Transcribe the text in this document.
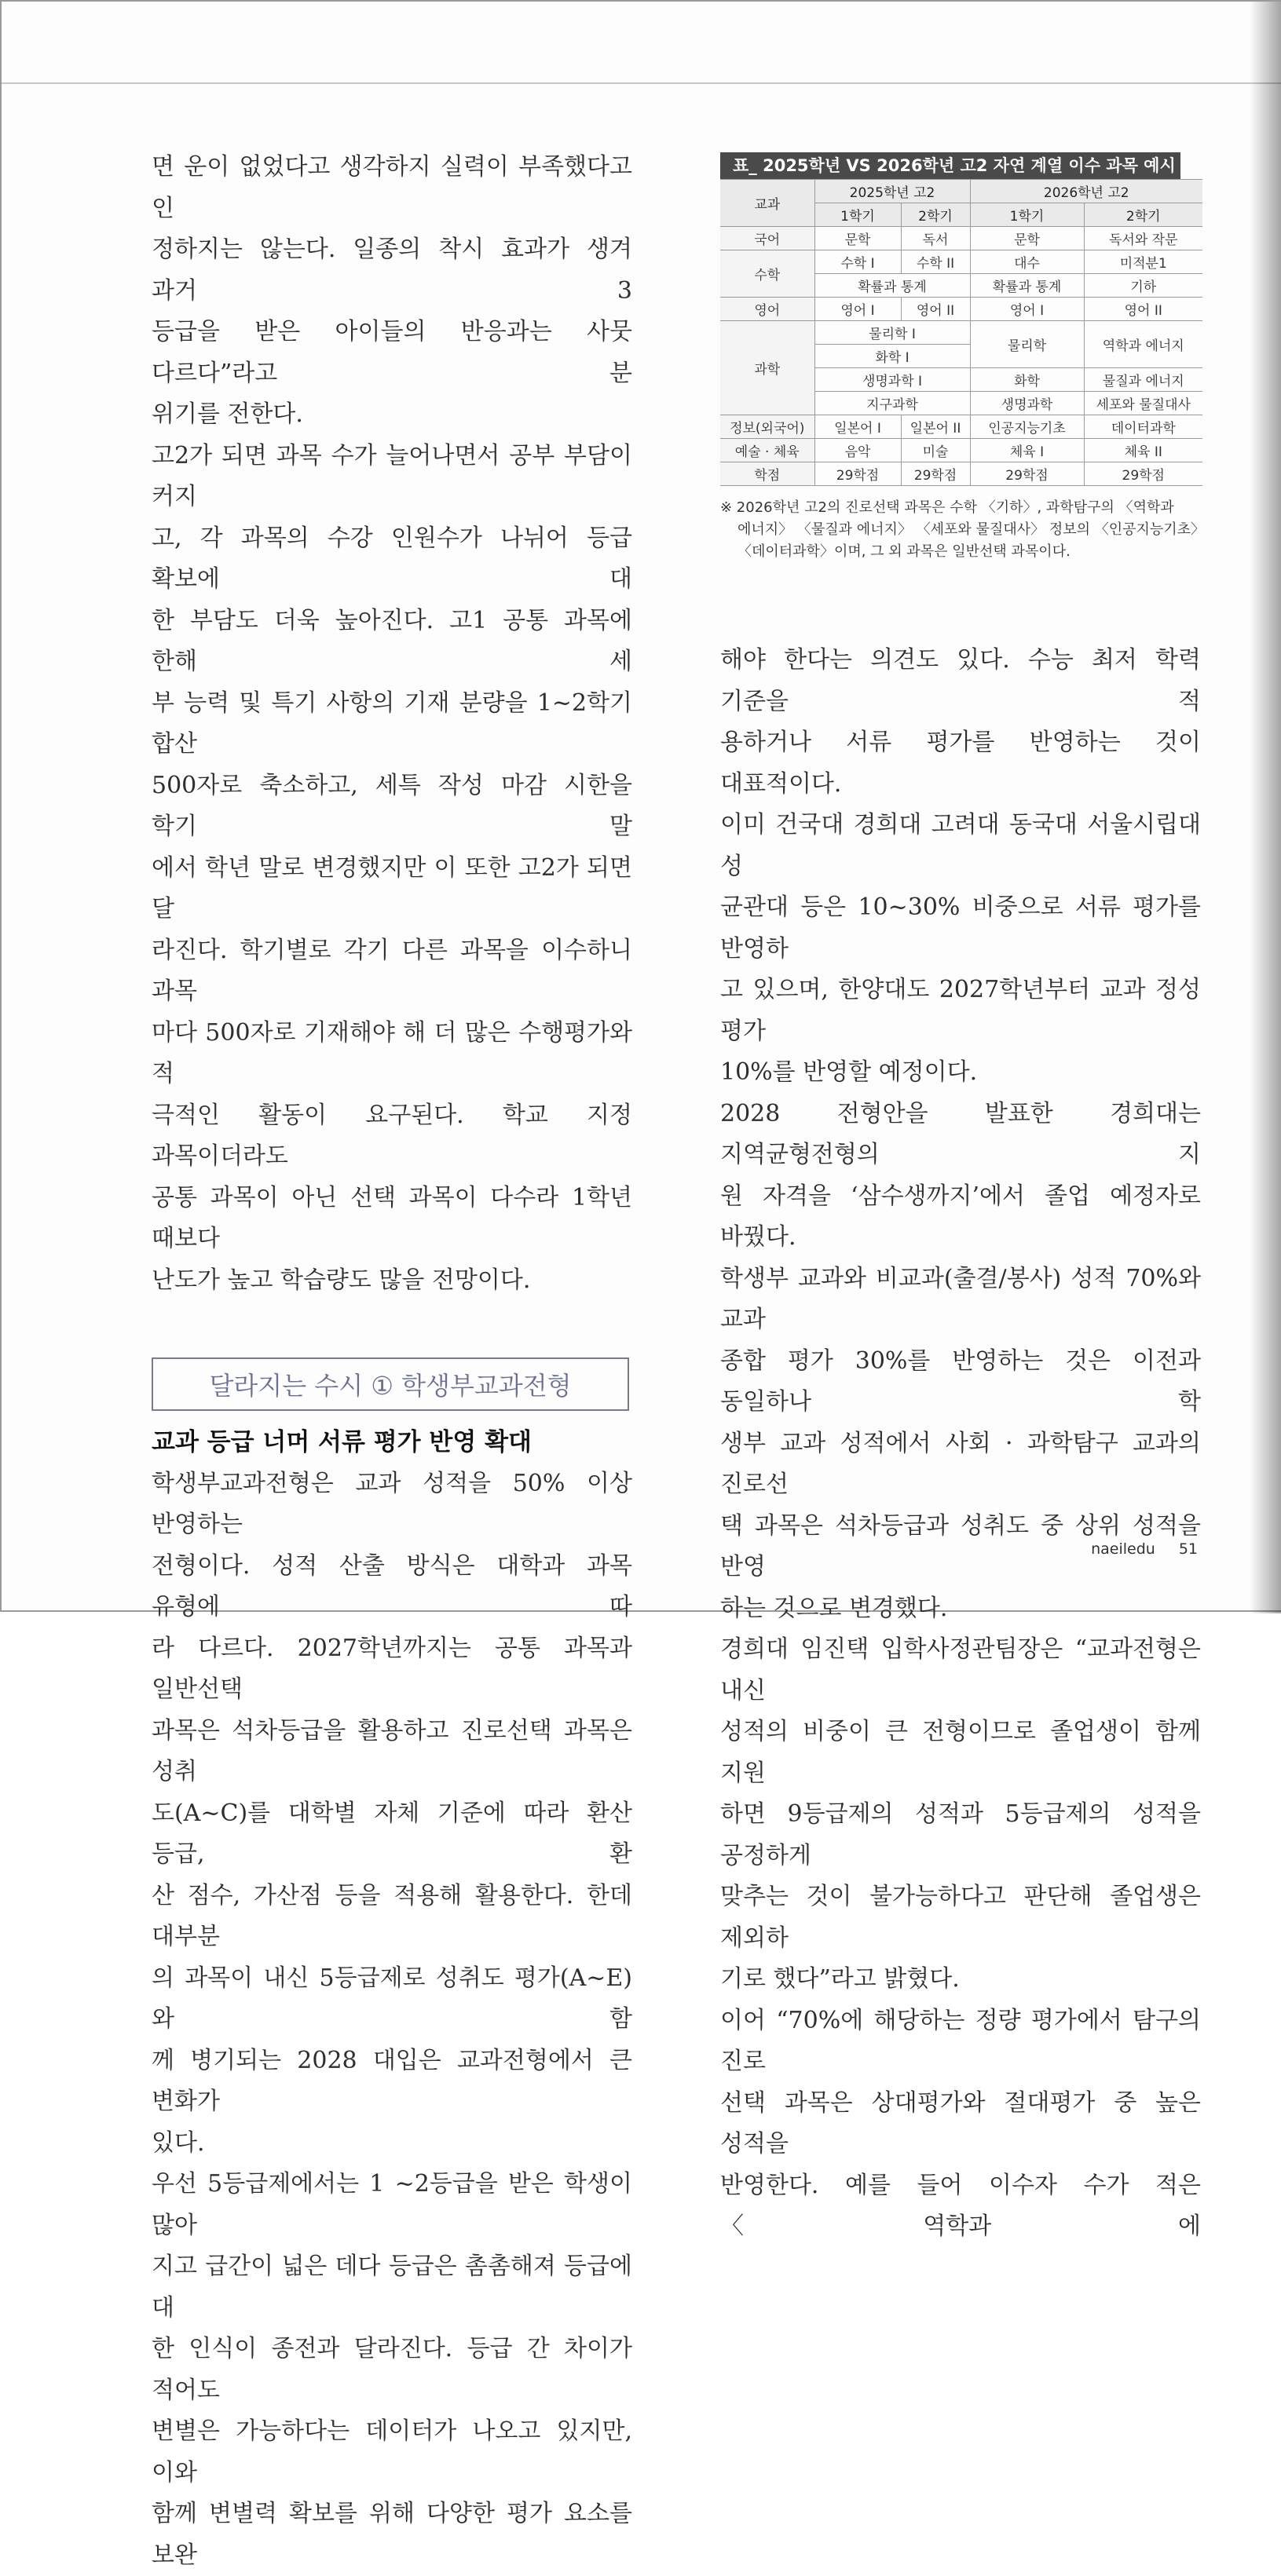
면 운이 없었다고 생각하지 실력이 부족했다고 인
정하지는 않는다. 일종의 착시 효과가 생겨 과거 3
등급을 받은 아이들의 반응과는 사뭇 다르다”라고 분
위기를 전한다.

고2가 되면 과목 수가 늘어나면서 공부 부담이 커지
고, 각 과목의 수강 인원수가 나뉘어 등급 확보에 대
한 부담도 더욱 높아진다. 고1 공통 과목에 한해 세
부 능력 및 특기 사항의 기재 분량을 1~2학기 합산
500자로 축소하고, 세특 작성 마감 시한을 학기 말
에서 학년 말로 변경했지만 이 또한 고2가 되면 달
라진다. 학기별로 각기 다른 과목을 이수하니 과목
마다 500자로 기재해야 해 더 많은 수행평가와 적
극적인 활동이 요구된다. 학교 지정 과목이더라도
공통 과목이 아닌 선택 과목이 다수라 1학년 때보다
난도가 높고 학습량도 많을 전망이다.

달라지는 수시 ① 학생부교과전형
교과 등급 너머 서류 평가 반영 확대

학생부교과전형은 교과 성적을 50% 이상 반영하는
전형이다. 성적 산출 방식은 대학과 과목 유형에 따
라 다르다. 2027학년까지는 공통 과목과 일반선택
과목은 석차등급을 활용하고 진로선택 과목은 성취
도(A~C)를 대학별 자체 기준에 따라 환산 등급, 환
산 점수, 가산점 등을 적용해 활용한다. 한데 대부분
의 과목이 내신 5등급제로 성취도 평가(A~E)와 함
께 병기되는 2028 대입은 교과전형에서 큰 변화가
있다.

우선 5등급제에서는 1 ~2등급을 받은 학생이 많아
지고 급간이 넓은 데다 등급은 촘촘해져 등급에 대
한 인식이 종전과 달라진다. 등급 간 차이가 적어도
변별은 가능하다는 데이터가 나오고 있지만, 이와
함께 변별력 확보를 위해 다양한 평가 요소를 보완

표_ 2025학년 VS 2026학년 고2 자연 계열 이수 과목 예시
교과	2025학년 고2		2026학년 고2	
	1학기	2학기	1학기	2학기
국어	문학	독서	문학	독서와 작문
수학	수학 I	수학 II	대수	미적분1
	확률과 통계		확률과 통계	기하
영어	영어 I	영어 II	영어 I	영어 II
과학	물리학 I		물리학	역학과 에너지
	화학 I			
	생명과학 I		화학	물질과 에너지
	지구과학		생명과학	세포와 물질대사
정보(외국어)	일본어 I	일본어 II	인공지능기초	데이터과학
예술 · 체육	음악	미술	체육 I	체육 II
학점	29학점	29학점	29학점	29학점
※ 2026학년 고2의 진로선택 과목은 수학 〈기하〉, 과학탐구의 〈역학과
에너지〉 〈물질과 에너지〉 〈세포와 물질대사〉 정보의 〈인공지능기초〉
〈데이터과학〉이며, 그 외 과목은 일반선택 과목이다.

해야 한다는 의견도 있다. 수능 최저 학력 기준을 적
용하거나 서류 평가를 반영하는 것이 대표적이다.
이미 건국대 경희대 고려대 동국대 서울시립대 성
균관대 등은 10~30% 비중으로 서류 평가를 반영하
고 있으며, 한양대도 2027학년부터 교과 정성 평가
10%를 반영할 예정이다.

2028 전형안을 발표한 경희대는 지역균형전형의 지
원 자격을 ‘삼수생까지’에서 졸업 예정자로 바꿨다.
학생부 교과와 비교과(출결/봉사) 성적 70%와 교과
종합 평가 30%를 반영하는 것은 이전과 동일하나 학
생부 교과 성적에서 사회 · 과학탐구 교과의 진로선
택 과목은 석차등급과 성취도 중 상위 성적을 반영
하는 것으로 변경했다.

경희대 임진택 입학사정관팀장은 “교과전형은 내신
성적의 비중이 큰 전형이므로 졸업생이 함께 지원
하면 9등급제의 성적과 5등급제의 성적을 공정하게
맞추는 것이 불가능하다고 판단해 졸업생은 제외하
기로 했다”라고 밝혔다.

이어 “70%에 해당하는 정량 평가에서 탐구의 진로
선택 과목은 상대평가와 절대평가 중 높은 성적을
반영한다. 예를 들어 이수자 수가 적은 〈역학과 에

naeiledu 51
